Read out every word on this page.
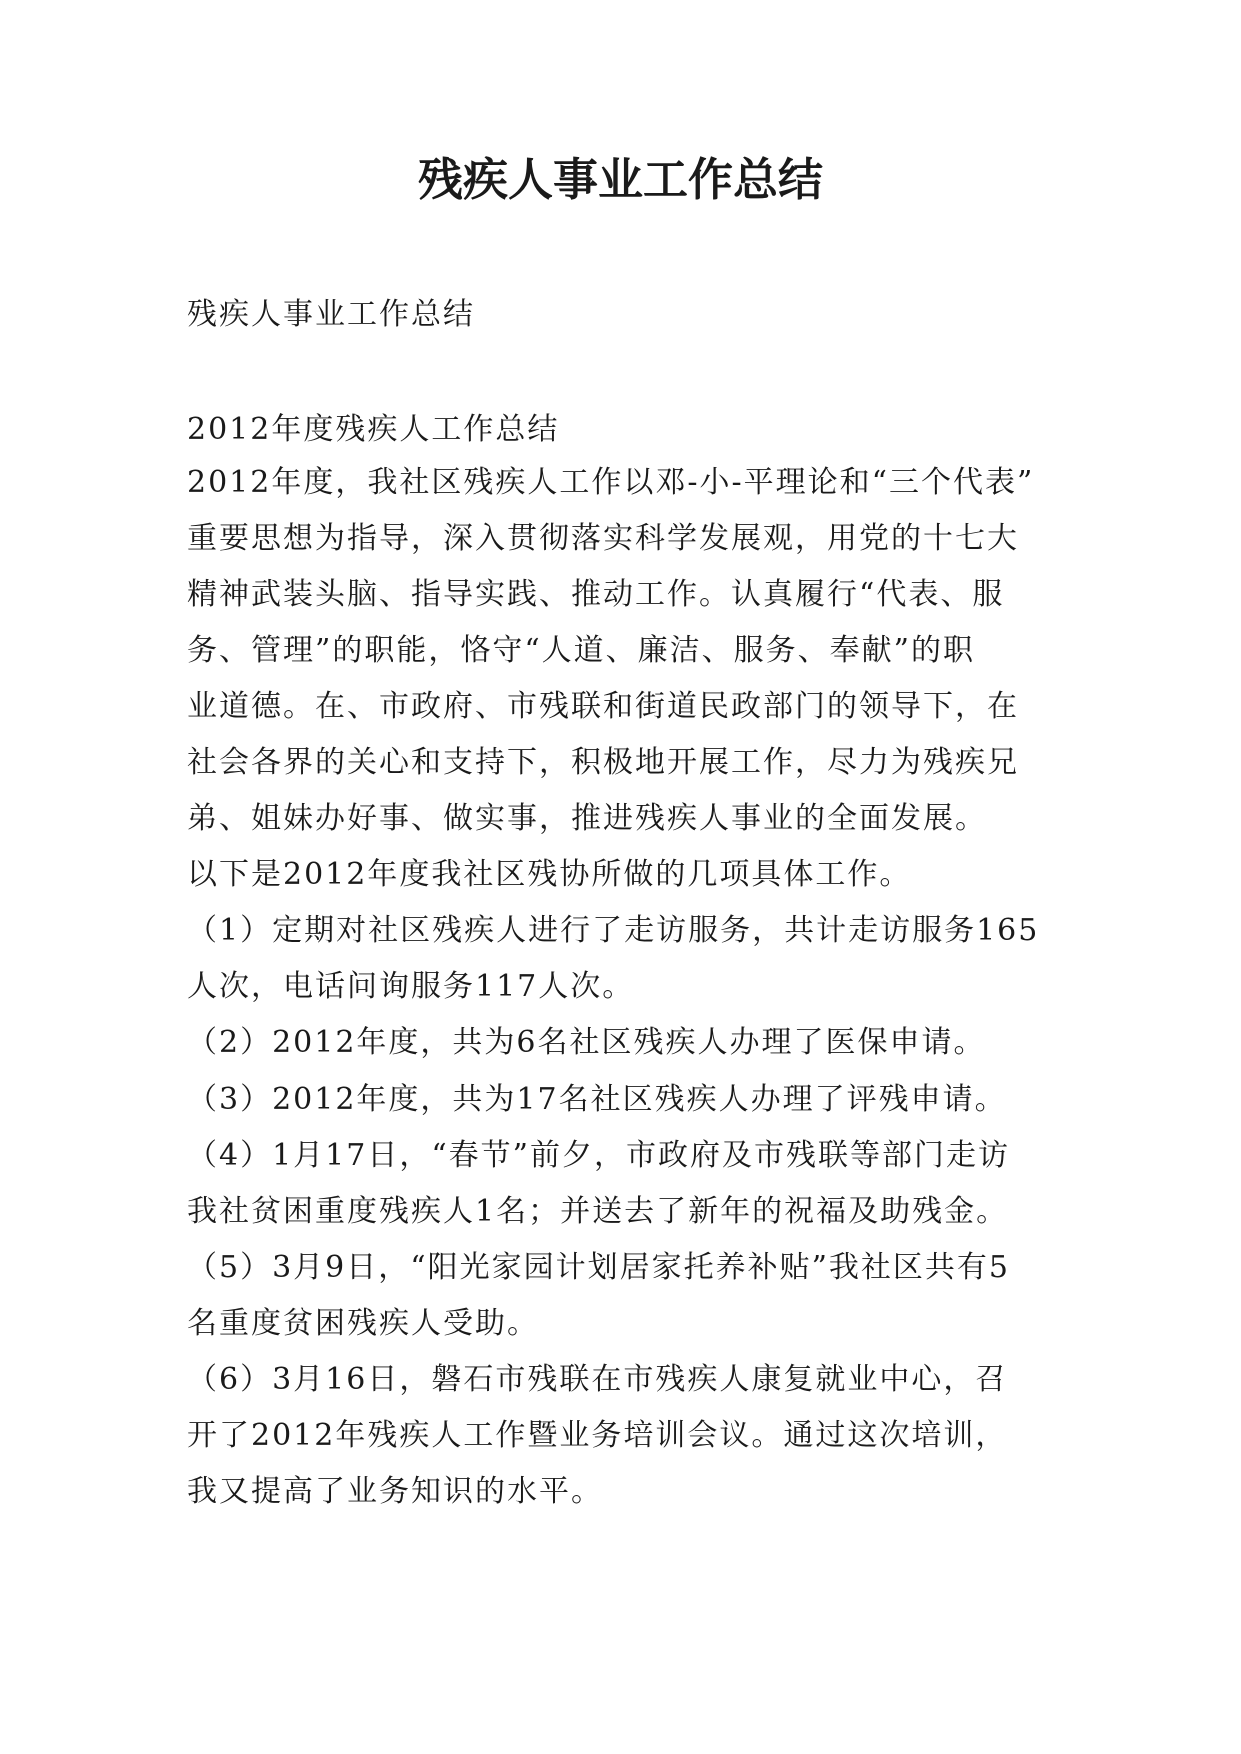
残疾人事业工作总结
残疾人事业工作总结
2012年度残疾人工作总结
2012年度，我社区残疾人工作以邓-小-平理论和“三个代表”
重要思想为指导，深入贯彻落实科学发展观，用党的十七大
精神武装头脑、指导实践、推动工作。认真履行“代表、服
务、管理”的职能，恪守“人道、廉洁、服务、奉献”的职
业道德。在、市政府、市残联和街道民政部门的领导下，在
社会各界的关心和支持下，积极地开展工作，尽力为残疾兄
弟、姐妹办好事、做实事，推进残疾人事业的全面发展。
以下是2012年度我社区残协所做的几项具体工作。
（1）定期对社区残疾人进行了走访服务，共计走访服务165
人次，电话问询服务117人次。
（2）2012年度，共为6名社区残疾人办理了医保申请。
（3）2012年度，共为17名社区残疾人办理了评残申请。
（4）1月17日，“春节”前夕，市政府及市残联等部门走访
我社贫困重度残疾人1名；并送去了新年的祝福及助残金。
（5）3月9日，“阳光家园计划居家托养补贴”我社区共有5
名重度贫困残疾人受助。
（6）3月16日，磐石市残联在市残疾人康复就业中心，召
开了2012年残疾人工作暨业务培训会议。通过这次培训，
我又提高了业务知识的水平。
